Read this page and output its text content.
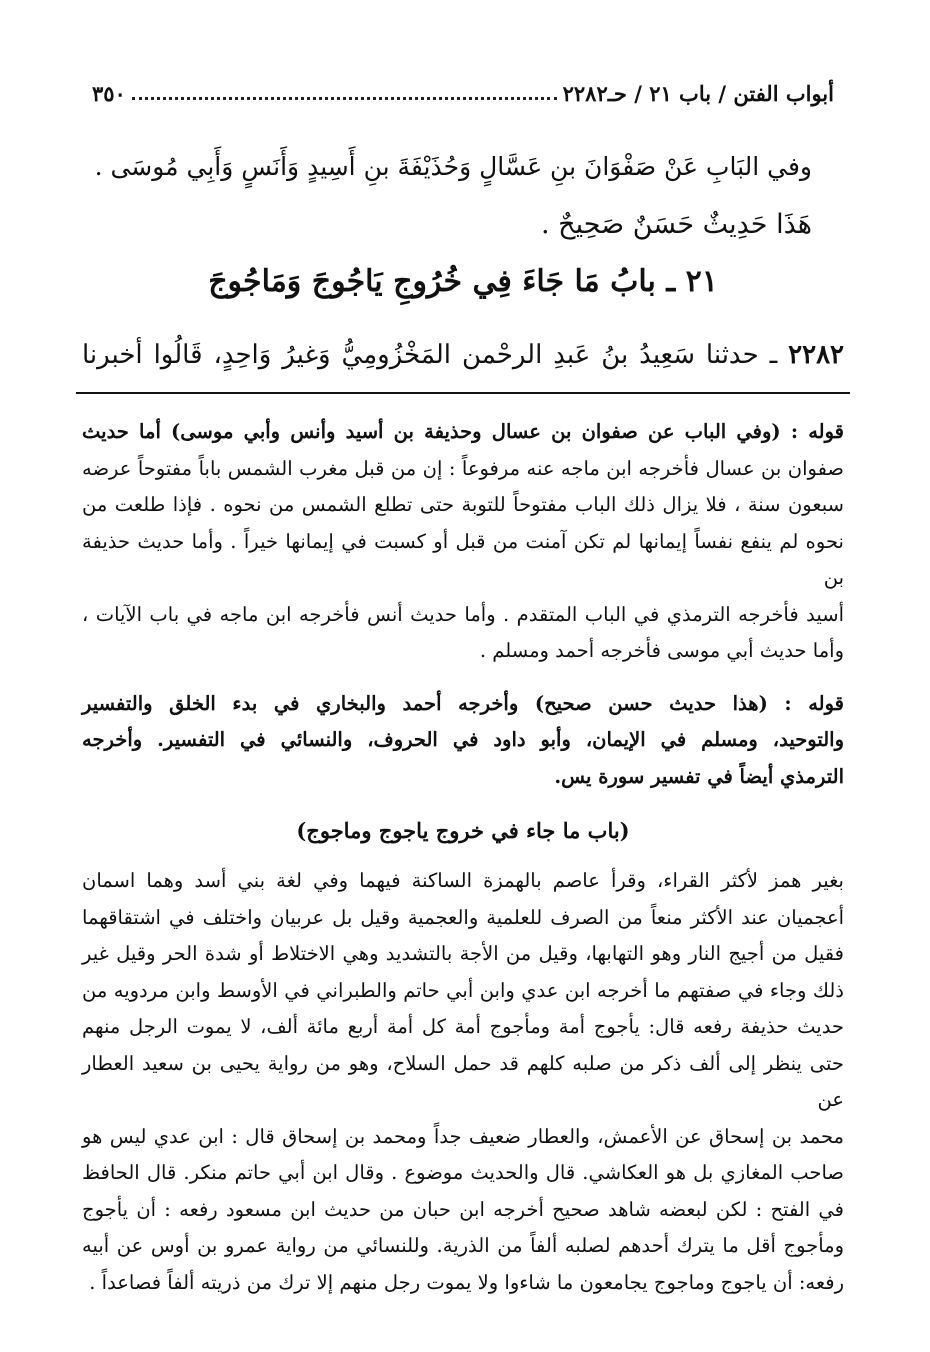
أبواب الفتن / باب ٢١ / حـ٢٢٨٢
٣٥٠

وفي البَابِ عَنْ صَفْوَانَ بنِ عَسَّالٍ وَحُذَيْفَةَ بنِ أَسِيدٍ وَأَنَسٍ وَأَبِي مُوسَى .

هَذَا حَدِيثٌ حَسَنٌ صَحِيحٌ .

٢١ ـ بابُ مَا جَاءَ فِي خُرُوجِ يَاجُوجَ وَمَاجُوجَ
٢٢٨٢ ـ حدثنا سَعِيدُ بنُ عَبدِ الرحْمن المَخْزُومِيُّ وَغيرُ وَاحِدٍ، قَالُوا أخبرنا

قوله : (وفي الباب عن صفوان بن عسال وحذيفة بن أسيد وأنس وأبي موسى) أما حديث

صفوان بن عسال فأخرجه ابن ماجه عنه مرفوعاً : إن من قبل مغرب الشمس باباً مفتوحاً عرضه

سبعون سنة ، فلا يزال ذلك الباب مفتوحاً للتوبة حتى تطلع الشمس من نحوه . فإذا طلعت من

نحوه لم ينفع نفساً إيمانها لم تكن آمنت من قبل أو كسبت في إيمانها خيراً . وأما حديث حذيفة بن

أسيد فأخرجه الترمذي في الباب المتقدم . وأما حديث أنس فأخرجه ابن ماجه في باب الآيات ،

وأما حديث أبي موسى فأخرجه أحمد ومسلم .

قوله : (هذا حديث حسن صحيح) وأخرجه أحمد والبخاري في بدء الخلق والتفسير

والتوحيد، ومسلم في الإيمان، وأبو داود في الحروف، والنسائي في التفسير. وأخرجه

الترمذي أيضاً في تفسير سورة يس.

(باب ما جاء في خروج ياجوج وماجوج)

بغير همز لأكثر القراء، وقرأ عاصم بالهمزة الساكنة فيهما وفي لغة بني أسد وهما اسمان

أعجميان عند الأكثر منعاً من الصرف للعلمية والعجمية وقيل بل عربيان واختلف في اشتقاقهما

فقيل من أجيج النار وهو التهابها، وقيل من الأجة بالتشديد وهي الاختلاط أو شدة الحر وقيل غير

ذلك وجاء في صفتهم ما أخرجه ابن عدي وابن أبي حاتم والطبراني في الأوسط وابن مردويه من

حديث حذيفة رفعه قال: يأجوج أمة ومأجوج أمة كل أمة أربع مائة ألف، لا يموت الرجل منهم

حتى ينظر إلى ألف ذكر من صلبه كلهم قد حمل السلاح، وهو من رواية يحيى بن سعيد العطار عن

محمد بن إسحاق عن الأعمش، والعطار ضعيف جداً ومحمد بن إسحاق قال : ابن عدي ليس هو

صاحب المغازي بل هو العكاشي. قال والحديث موضوع . وقال ابن أبي حاتم منكر. قال الحافظ

في الفتح : لكن لبعضه شاهد صحيح أخرجه ابن حبان من حديث ابن مسعود رفعه : أن يأجوج

ومأجوج أقل ما يترك أحدهم لصلبه ألفاً من الذرية. وللنسائي من رواية عمرو بن أوس عن أبيه

رفعه: أن ياجوج وماجوج يجامعون ما شاءوا ولا يموت رجل منهم إلا ترك من ذريته ألفاً فصاعداً .
